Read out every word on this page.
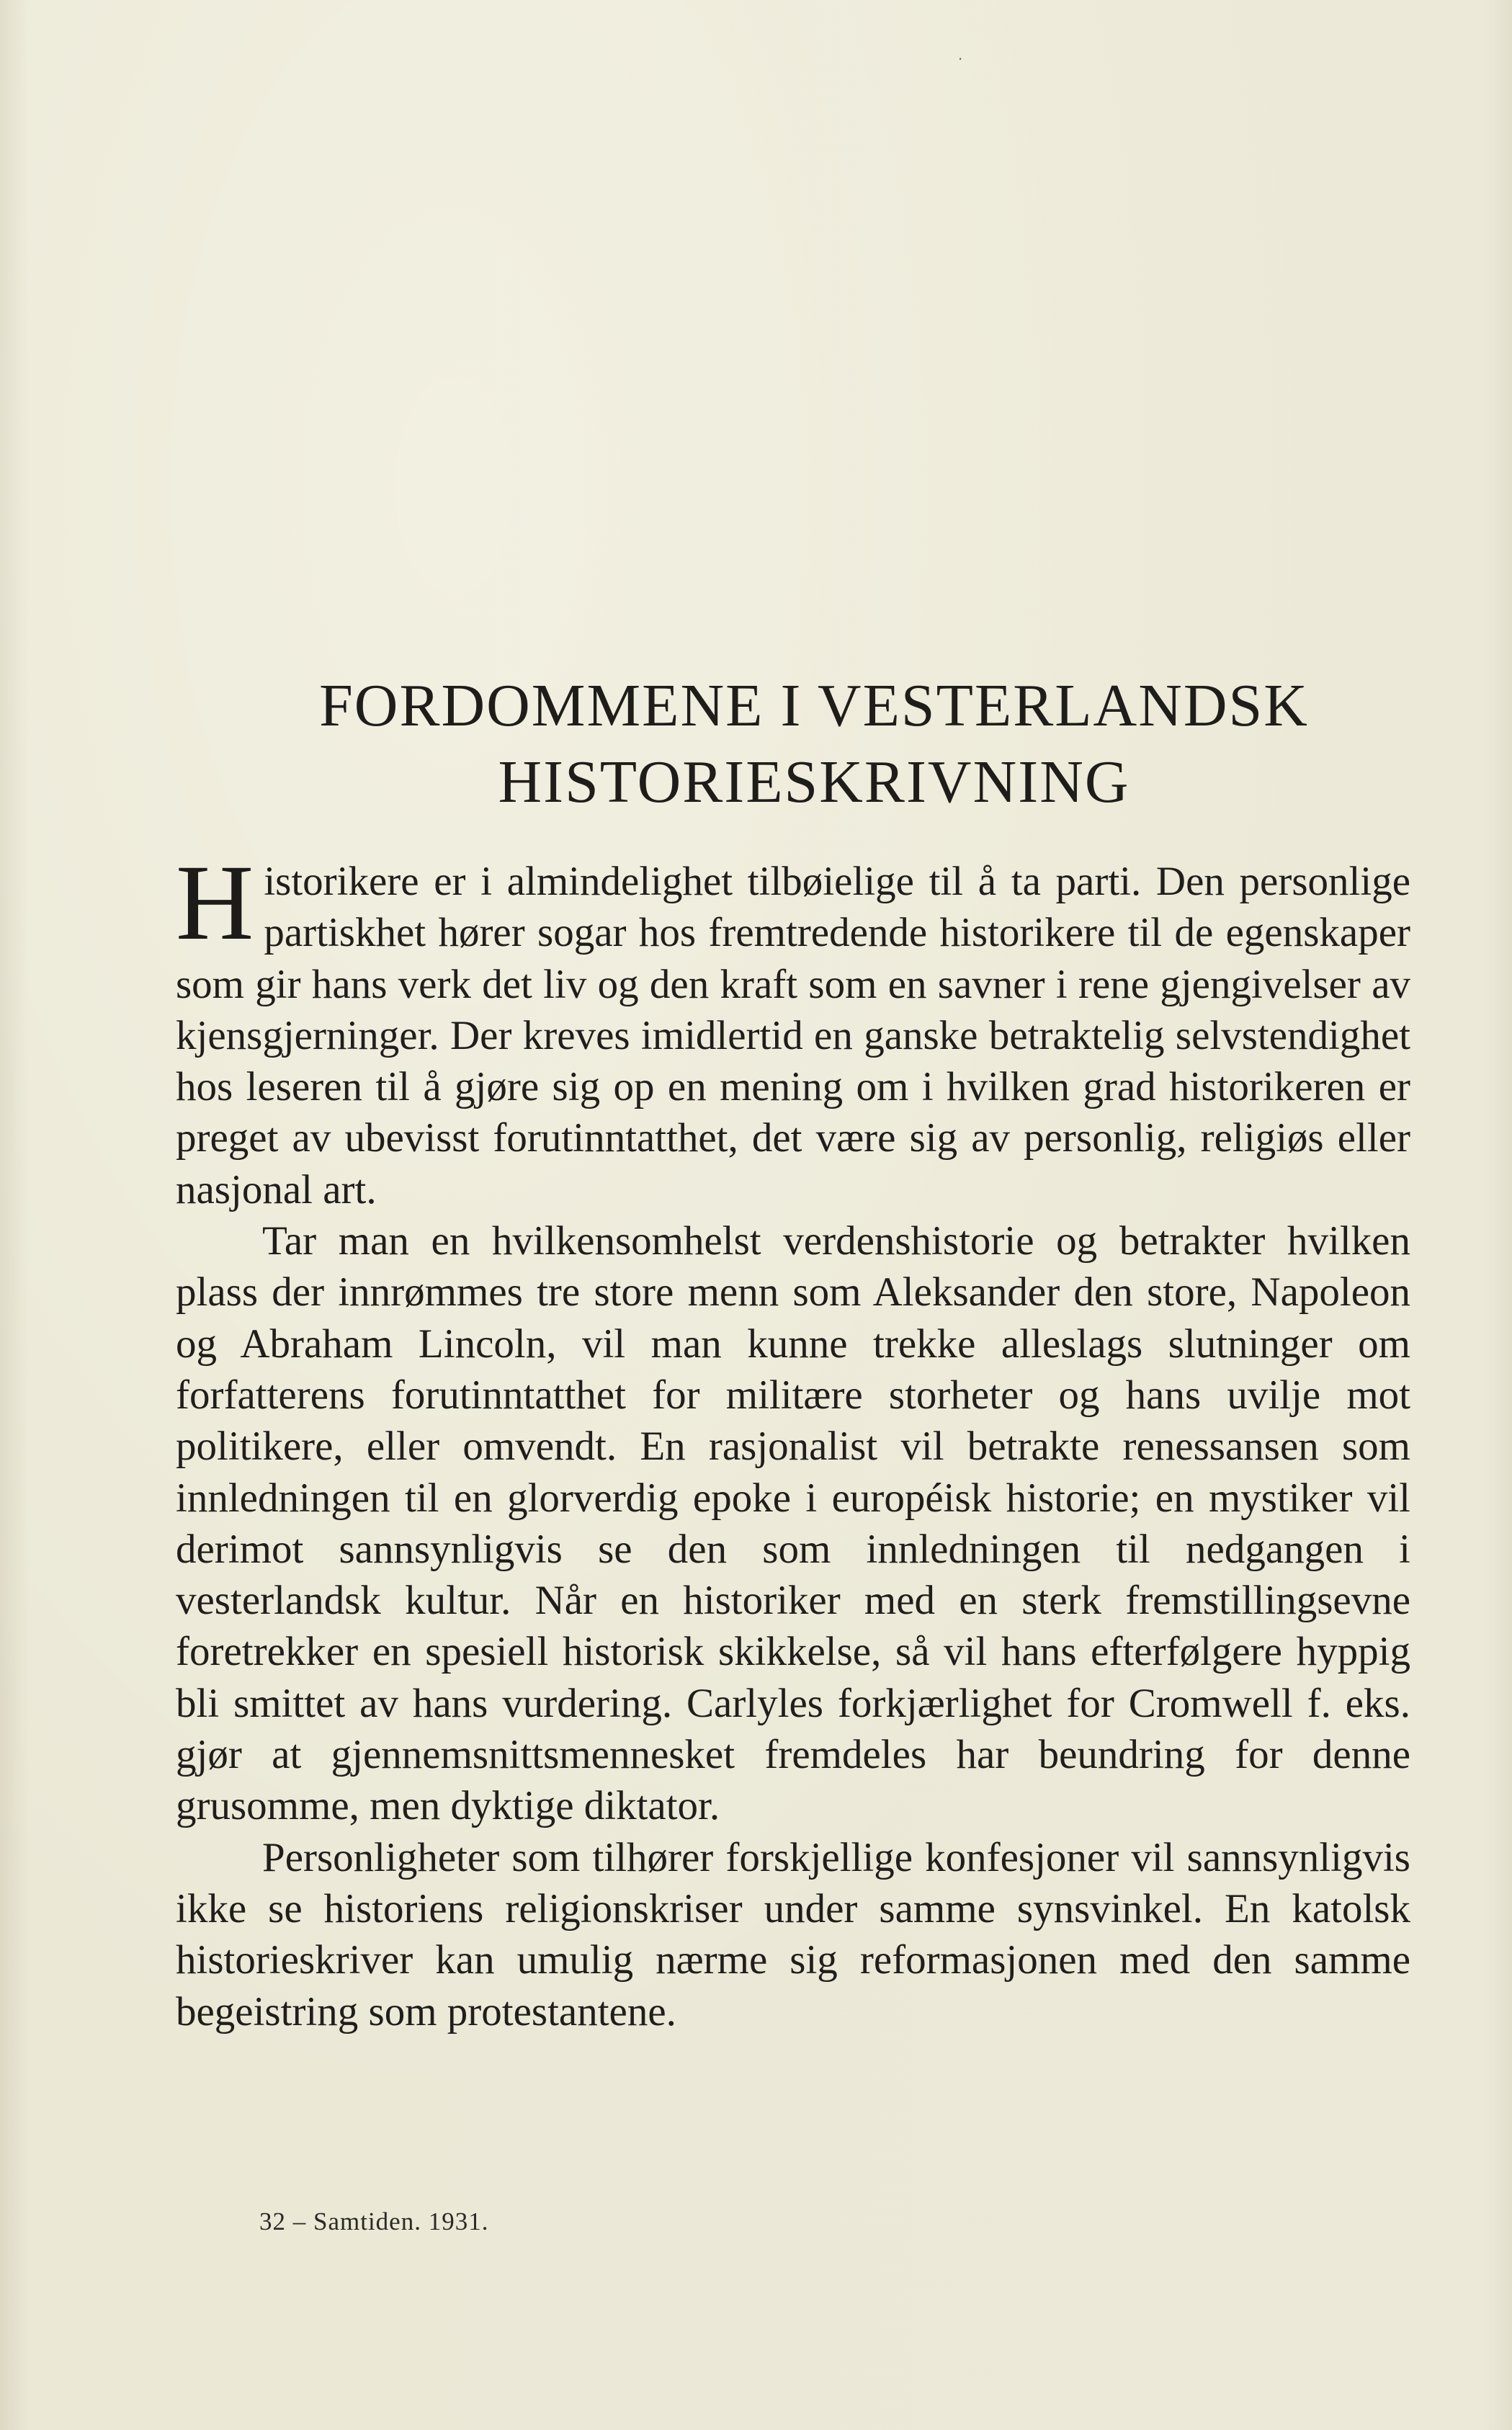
·
FORDOMMENE I VESTERLANDSK
HISTORIESKRIVNING

Historikere er i almindelighet tilbøielige til å ta parti. Den personlige partiskhet hører sogar hos fremtredende historikere til de egenskaper som gir hans verk det liv og den kraft som en savner i rene gjengivelser av kjensgjerninger. Der kreves imidlertid en ganske betraktelig selvstendighet hos leseren til å gjøre sig op en mening om i hvilken grad historikeren er preget av ubevisst forutinntatthet, det være sig av personlig, religiøs eller nasjonal art.

Tar man en hvilkensomhelst verdenshistorie og betrakter hvilken plass der innrømmes tre store menn som Aleksander den store, Napoleon og Abraham Lincoln, vil man kunne trekke alleslags slutninger om forfatterens forutinntatthet for militære storheter og hans uvilje mot politikere, eller omvendt. En rasjonalist vil betrakte renessansen som innledningen til en glorverdig epoke i européisk historie; en mystiker vil derimot sannsynligvis se den som innledningen til nedgangen i vesterlandsk kultur. Når en historiker med en sterk fremstillingsevne foretrekker en spesiell historisk skikkelse, så vil hans efterfølgere hyppig bli smittet av hans vurdering. Carlyles forkjærlighet for Cromwell f. eks. gjør at gjennemsnittsmennesket fremdeles har beundring for denne grusomme, men dyktige diktator.

Personligheter som tilhører forskjellige konfesjoner vil sannsynligvis ikke se historiens religionskriser under samme synsvinkel. En katolsk historieskriver kan umulig nærme sig reformasjonen med den samme begeistring som protestantene.

32 – Samtiden. 1931.
